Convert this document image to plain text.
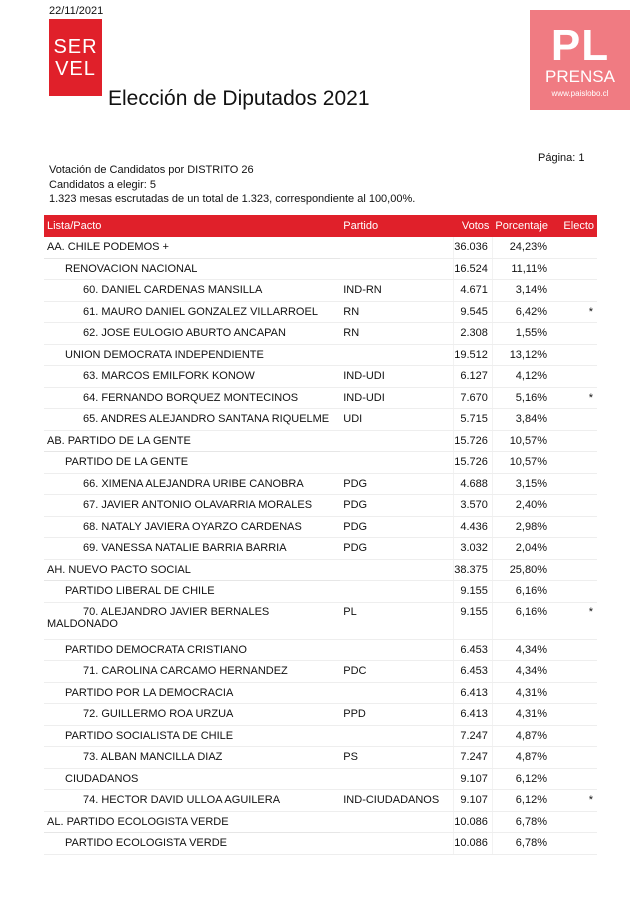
22/11/2021
SER
VEL
Elección de Diputados 2021
PL
PRENSA
www.paislobo.cl
Página: 1
Votación de Candidatos por DISTRITO 26
Candidatos a elegir: 5
1.323 mesas escrutadas de un total de 1.323, correspondiente al 100,00%.
Lista/Pacto	Partido	Votos	Porcentaje	Electo
AA. CHILE PODEMOS +		36.036	24,23%	
RENOVACION NACIONAL		16.524	11,11%	
60. DANIEL CARDENAS MANSILLA	IND-RN	4.671	3,14%	
61. MAURO DANIEL GONZALEZ VILLARROEL	RN	9.545	6,42%	*
62. JOSE EULOGIO ABURTO ANCAPAN	RN	2.308	1,55%	
UNION DEMOCRATA INDEPENDIENTE		19.512	13,12%	
63. MARCOS EMILFORK KONOW	IND-UDI	6.127	4,12%	
64. FERNANDO BORQUEZ MONTECINOS	IND-UDI	7.670	5,16%	*
65. ANDRES ALEJANDRO SANTANA RIQUELME	UDI	5.715	3,84%	
AB. PARTIDO DE LA GENTE		15.726	10,57%	
PARTIDO DE LA GENTE		15.726	10,57%	
66. XIMENA ALEJANDRA URIBE CANOBRA	PDG	4.688	3,15%	
67. JAVIER ANTONIO OLAVARRIA MORALES	PDG	3.570	2,40%	
68. NATALY JAVIERA OYARZO CARDENAS	PDG	4.436	2,98%	
69. VANESSA NATALIE BARRIA BARRIA	PDG	3.032	2,04%	
AH. NUEVO PACTO SOCIAL		38.375	25,80%	
PARTIDO LIBERAL DE CHILE		9.155	6,16%	
70. ALEJANDRO JAVIER BERNALES MALDONADO	PL	9.155	6,16%	*
PARTIDO DEMOCRATA CRISTIANO		6.453	4,34%	
71. CAROLINA CARCAMO HERNANDEZ	PDC	6.453	4,34%	
PARTIDO POR LA DEMOCRACIA		6.413	4,31%	
72. GUILLERMO ROA URZUA	PPD	6.413	4,31%	
PARTIDO SOCIALISTA DE CHILE		7.247	4,87%	
73. ALBAN MANCILLA DIAZ	PS	7.247	4,87%	
CIUDADANOS		9.107	6,12%	
74. HECTOR DAVID ULLOA AGUILERA	IND-CIUDADANOS	9.107	6,12%	*
AL. PARTIDO ECOLOGISTA VERDE		10.086	6,78%	
PARTIDO ECOLOGISTA VERDE		10.086	6,78%	
